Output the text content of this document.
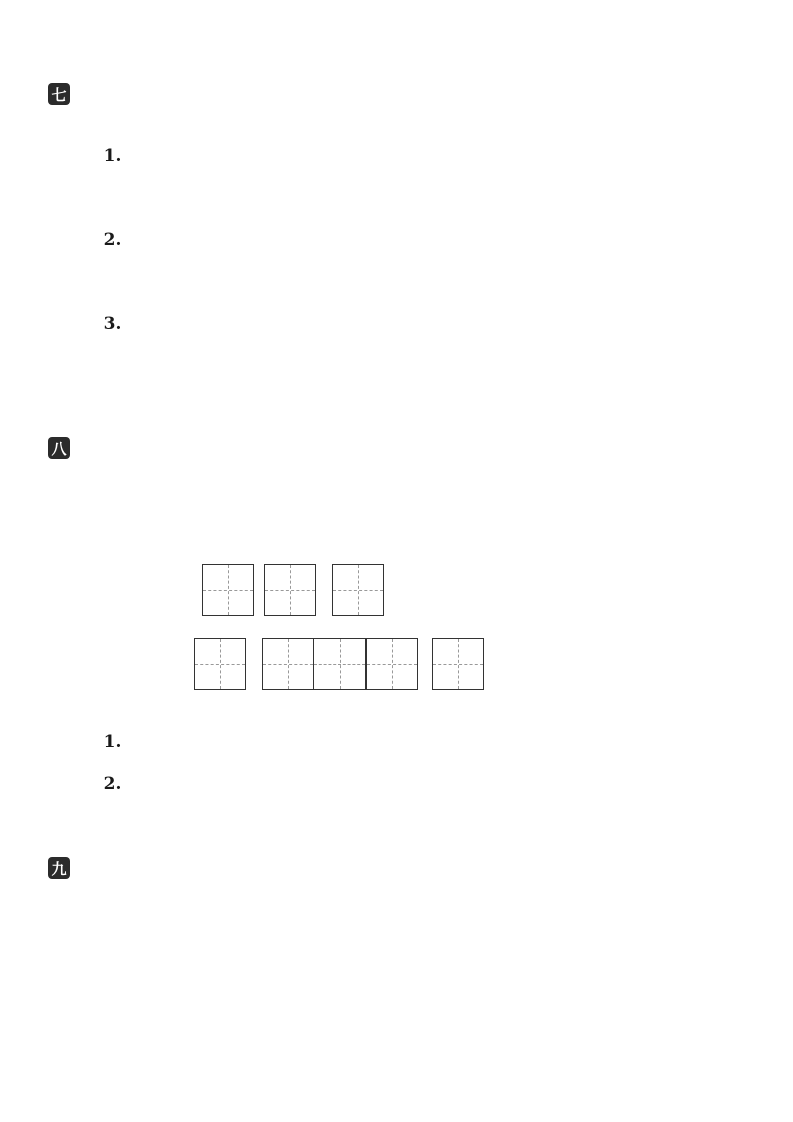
七

1.

2.

3.

八

1.

2.

九
